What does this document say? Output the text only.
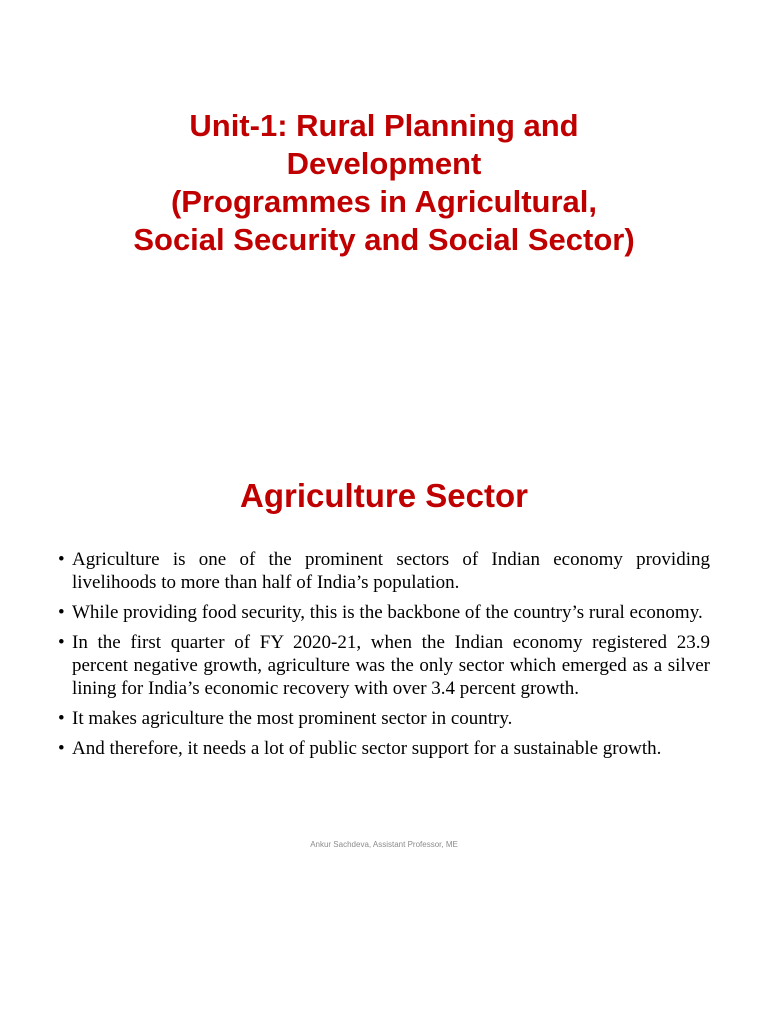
Unit-1: Rural Planning and
Development
(Programmes in Agricultural,
Social Security and Social Sector)
Agriculture Sector
• Agriculture is one of the prominent sectors of Indian economy providing livelihoods to more than half of India’s population.
• While providing food security, this is the backbone of the country’s rural economy.
• In the first quarter of FY 2020-21, when the Indian economy registered 23.9 percent negative growth, agriculture was the only sector which emerged as a silver lining for India’s economic recovery with over 3.4 percent growth.
• It makes agriculture the most prominent sector in country.
• And therefore, it needs a lot of public sector support for a sustainable growth.
Ankur Sachdeva, Assistant Professor, ME
